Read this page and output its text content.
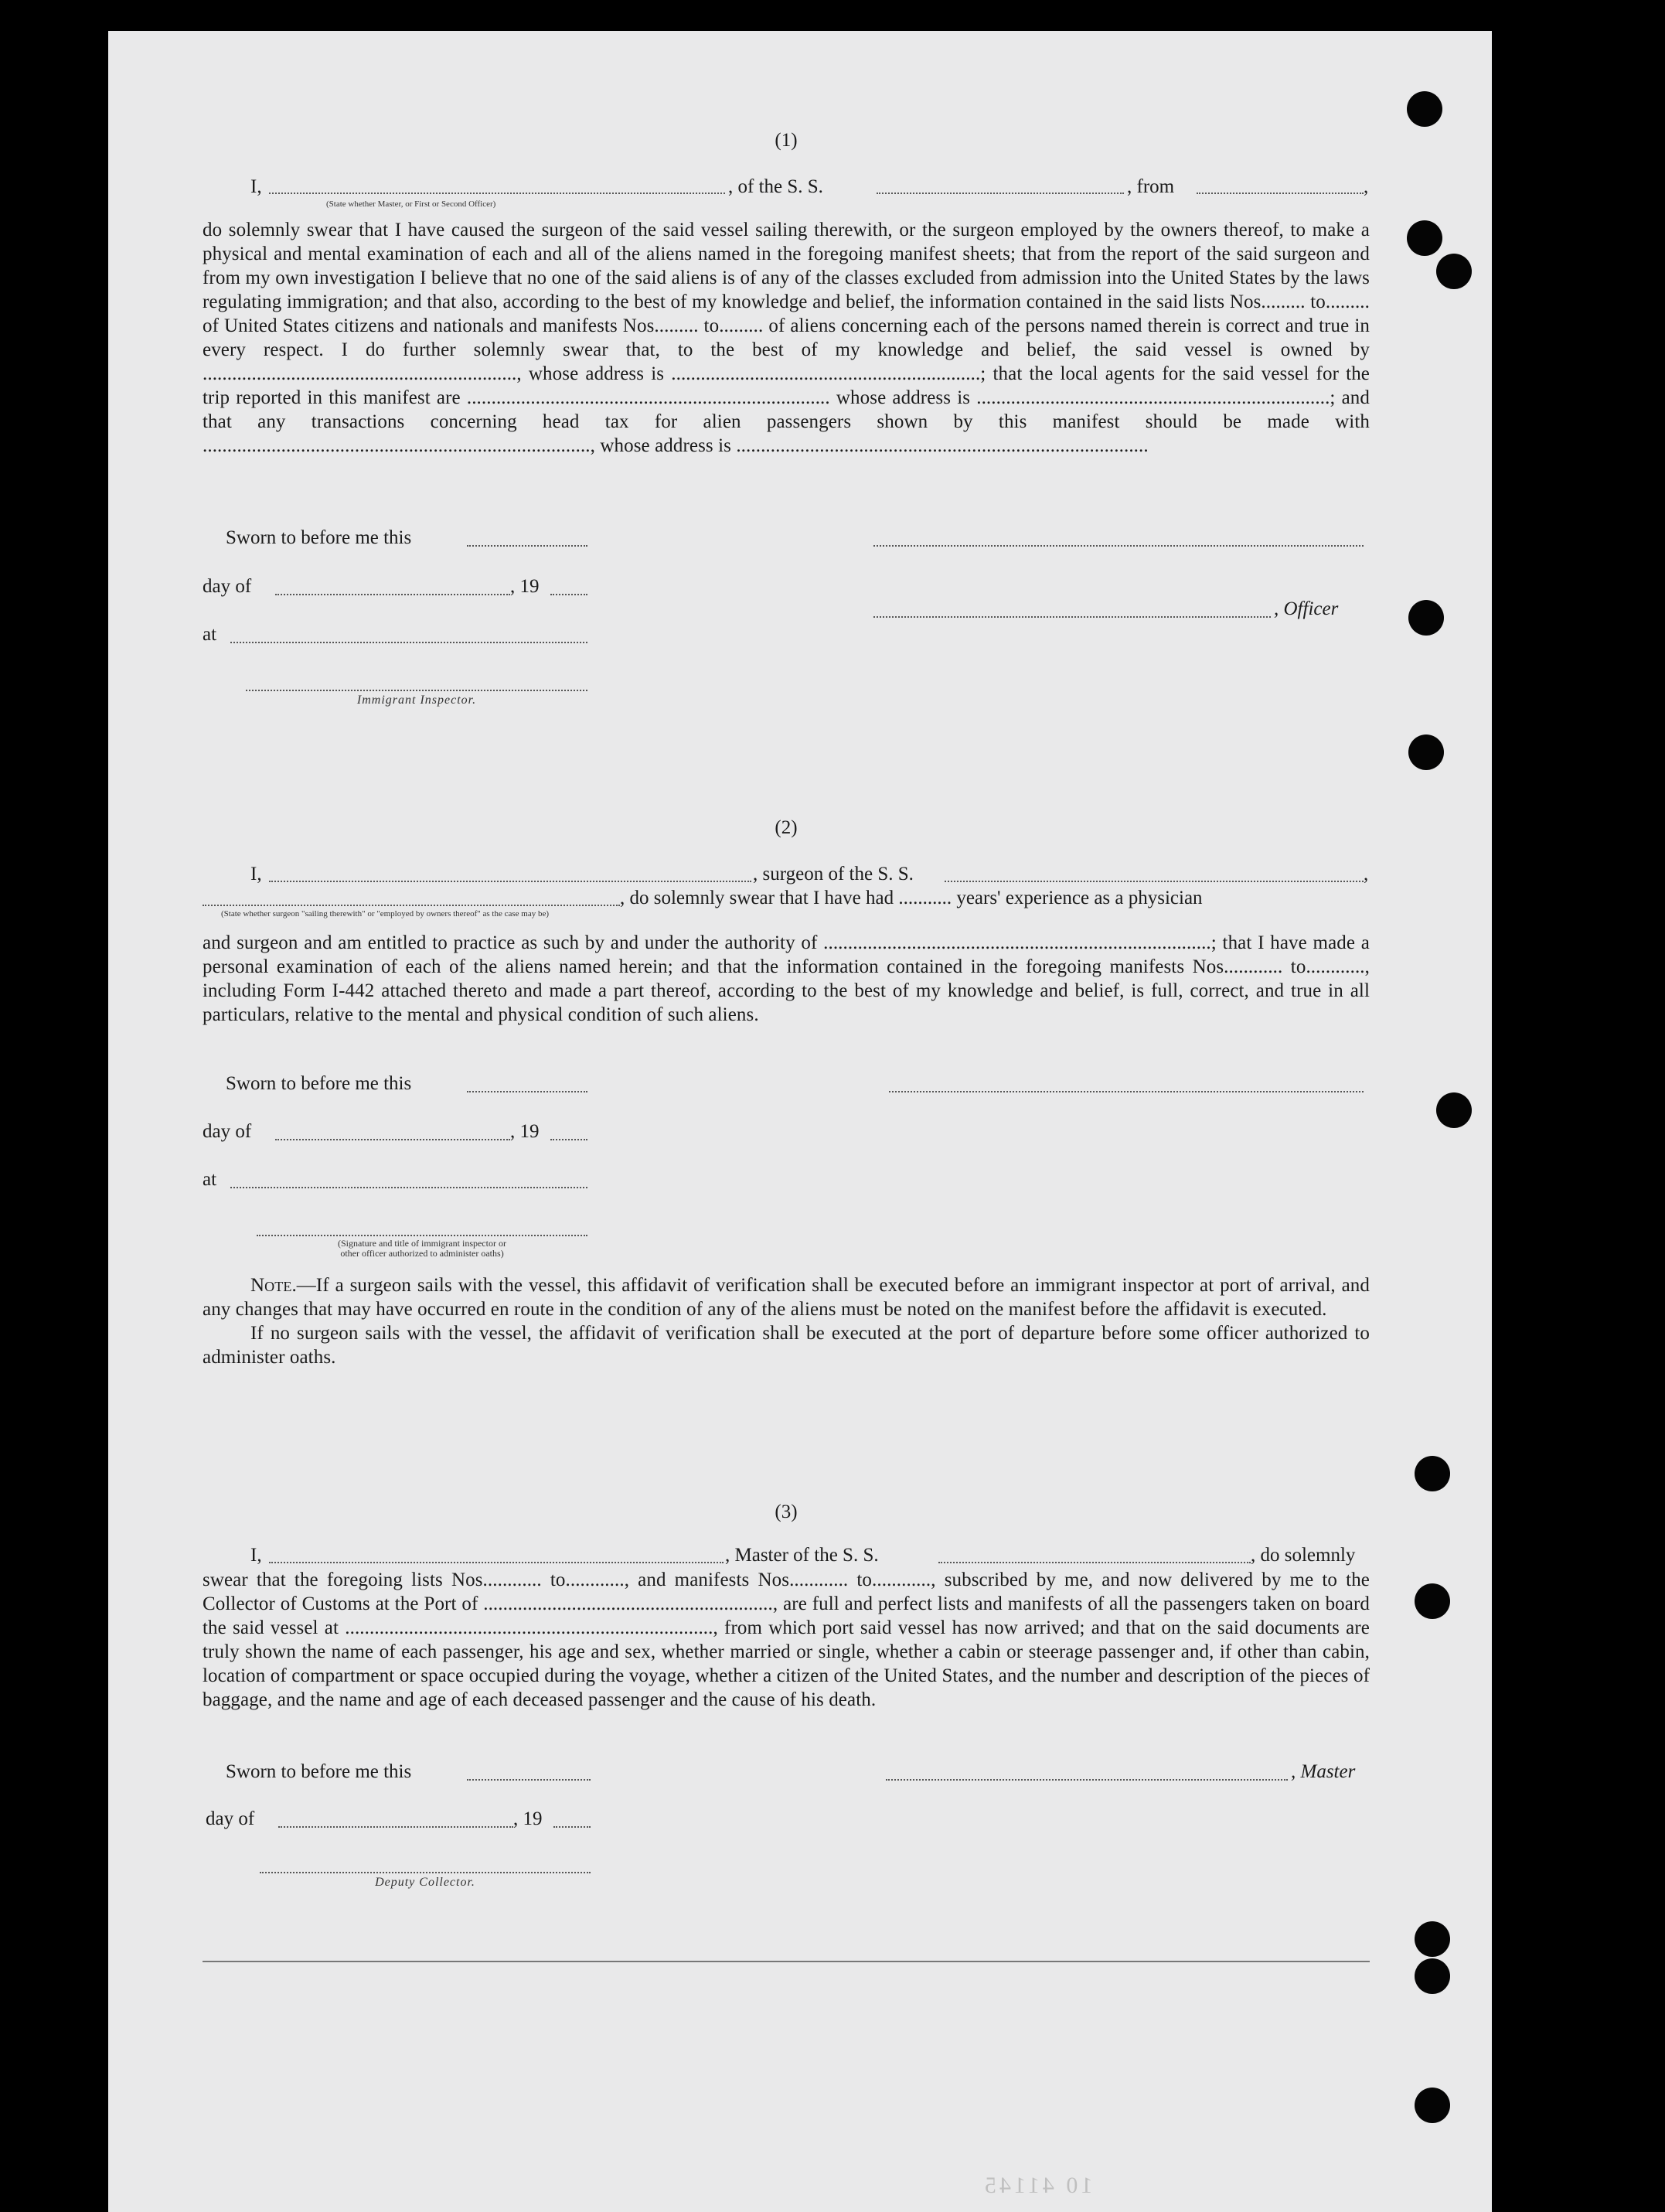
(1)
I,	, of the S. S.	, from	,
(State whether Master, or First or Second Officer)

do solemnly swear that I have caused the surgeon of the said vessel sailing therewith, or the surgeon employed by the owners thereof, to make a physical and mental examination of each and all of the aliens named in the foregoing manifest sheets; that from the report of the said surgeon and from my own investigation I believe that no one of the said aliens is of any of the classes excluded from admission into the United States by the laws regulating immigration; and that also, according to the best of my knowledge and belief, the information contained in the said lists Nos......... to......... of United States citizens and nationals and manifests Nos......... to......... of aliens concerning each of the persons named therein is correct and true in every respect. I do further solemnly swear that, to the best of my knowledge and belief, the said vessel is owned by ................................................................, whose address is ...............................................................; that the local agents for the said vessel for the trip reported in this manifest are .......................................................................... whose address is ........................................................................; and that any transactions concerning head tax for alien passengers shown by this manifest should be made with ..............................................................................., whose address is ....................................................................................

Sworn to before me this
day of	, 19
, Officer
at
Immigrant Inspector.
(2)
I,	, surgeon of the S. S.	,
, do solemnly swear that I have had ........... years' experience as a physician
(State whether surgeon "sailing therewith" or "employed by owners thereof" as the case may be)

and surgeon and am entitled to practice as such by and under the authority of ...............................................................................; that I have made a personal examination of each of the aliens named herein; and that the information contained in the foregoing manifests Nos............ to............, including Form I-442 attached thereto and made a part thereof, according to the best of my knowledge and belief, is full, correct, and true in all particulars, relative to the mental and physical condition of such aliens.

Sworn to before me this
day of	, 19
at
(Signature and title of immigrant inspector or
other officer authorized to administer oaths)

Note.—If a surgeon sails with the vessel, this affidavit of verification shall be executed before an immigrant inspector at port of arrival, and any changes that may have occurred en route in the condition of any of the aliens must be noted on the manifest before the affidavit is executed.

If no surgeon sails with the vessel, the affidavit of verification shall be executed at the port of departure before some officer authorized to administer oaths.

(3)
I,	, Master of the S. S.	, do solemnly

swear that the foregoing lists Nos............ to............, and manifests Nos............ to............, subscribed by me, and now delivered by me to the Collector of Customs at the Port of ..........................................................., are full and perfect lists and manifests of all the passengers taken on board the said vessel at ..........................................................................., from which port said vessel has now arrived; and that on the said documents are truly shown the name of each passenger, his age and sex, whether married or single, whether a cabin or steerage passenger and, if other than cabin, location of compartment or space occupied during the voyage, whether a citizen of the United States, and the number and description of the pieces of baggage, and the name and age of each deceased passenger and the cause of his death.

Sworn to before me this	, Master
day of	, 19
Deputy Collector.
10 41145
